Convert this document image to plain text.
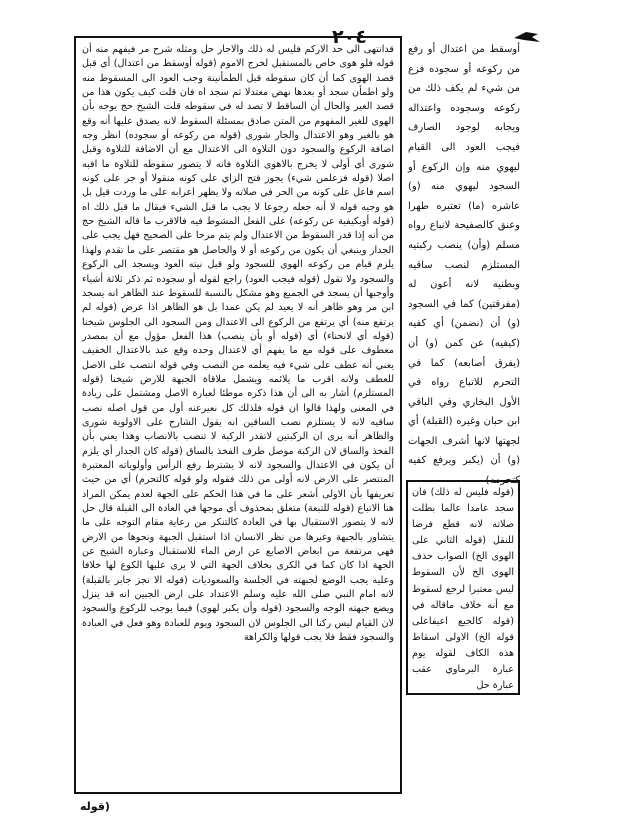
٢٠٤
قدانتهى الى حد الاركم فليس له ذلك والاجار حل ومثله شرح مر فيفهم منه أن قوله فلو هوى خاص بالمستقبل لخرج الاموم (قوله أوسقط من اعتدال) أي قبل قصد الهوى كما أن كان سقوطه قبل الطمأنينة وجب العود الى المسقوط منه ولو اطمأن سجد أو بعدها نهض معتدلا ثم سجد اه فان قلت كيف يكون هذا من قصد الغير والحال أن الساقط لا تصد له في سقوطه قلت الشيخ حج يوجه بأن الهوى للغير المفهوم من المتن صادق بمسئلة السقوط لانه يصدق عليها أنه وقع هو بالغير وهو الاعتدال والجار شورى (قوله من ركوعه أو سجوده) انظر وجه اضافة الركوع والسجود دون التلاوة الى الاعتدال مع أن الاضافة للتلاوة وقبل شورى أي أولى لا يخرج بالاهوى التلاوة فانه لا يتصور سقوطه للتلاوة ما اقبه اصلا (قوله فزعلمن شيء) يجوز فتح الزاي على كونه منقولا أو جر على كونه اسم فاعل على كونه من الحر في صلاته ولا يظهر اعرابه على ما وردت قيل بل هو وجيه قوله لا أنه جعله رجوعا لا يجب ما قبل الشيء فيقال ما قبل ذلك اه (قوله أوبكيفية عن ركوعه) على الفعل المشوط فيه فالاقرب ما قاله الشيخ حج من أنه إذا قدر السقوط من الاعتدال ولم يتم مرحا على الصحيح فهل يجب على الجدار وينبغي أن يكون من ركوعه أو لا والحاصل هو مقتصر على ما تقدم ولهذا يلزم قيام من ركوعه الهوى للسجود ولو قبل نيته العود ويسجد الى الركوع والسجود ولا تقول (قوله فيجب العود) راجع لقوله أو سجوده ثم ذكر ثلاثة أشياء وأوجبها أن يسجد في الجميع وهو مشكل بالنسبة للسقوط عند الظاهر انه يسجد ابن مر وهو ظاهر أنه لا يعيد لم يكن عمدا بل هو الظاهر اذا عرض (قوله لم يرتفع منه) أي يرتفع من الركوع الى الاعتدال ومن السجود الى الجلوس شيخنا (قوله أي لانحناء) أي (قوله أو بأن ينصب) هذا الفعل مؤول مع أن بمصدر معطوف على قوله مع ما يفهم أي لاعتدال وحده وقع عبد بالاعتدال الخفيف يعني أنه عطف على شيء فيه يعلمه من النصب وفي قوله انتصب على الاصل للعطف ولانه اقرب ما يلائمه ويشمل ملاقاة الجبهة للارض شيخنا (قوله المستلزم) أشار به الى أن هذا ذكره موطئا لعبارة الاصل ومشتمل على زيادة في المعنى ولهذا قالوا ان قوله فلذلك كل نعيرعنه أول من قول اصله نصب ساقيه لانه لا يستلزم نصب الساقين انه يقول الشارح على الاولوية شورى والظاهر أنه يرى ان الركبتين لاتقدر الركبة لا تنصب بالانصاب وهذا يعني بأن الفخذ والساق لان الركبة موصل طرف الفخذ بالساق (قوله كان الجدار أي يلزم أن يكون في الاعتدال والسجود لانه لا يشترط رفع الرأس وأولوياته المعتبرة المنتصر على الارض لانه أولى من ذلك فقوله ولو قوله كالتحرم) أي من حيث تعريفها بأن الاولى أشعر على ما في هذا الحكم على الجهة لعدم يمكن المراد هنا الاتباع (قوله للتبعة) متعلق بمحذوف أي موجها في العادة الى القبلة قال حل لانه لا يتصور الاستقبال بها في العادة كالتنكر من رعاية مقام التوجه على ما يتشاور بالجبهة وغيرها من نظر الانسان اذا استقبل الجبهة ونحوها من الارض فهي مرتفعة من ابعاض الاصابع عن ارض الماء للاستقبال وعبارة الشيخ عن الجهة اذا كان كما في الكرى بخلاف الجهة التي لا يرى عليها الكوع لها خلافا وعليه يجب الوضع لجبهته في الجلسة والسعوديات (قوله الا نجز جابر بالقبلة) لانه امام النبي صلى الله عليه وسلم الاعتداد على ارض الجبين انه قد ينزل ويضع جبهته الوجه والسجود (قوله وأن يكبر لهوى) فيما يوجب للركوع والسجود لان القيام ليس ركنا الى الجلوس لان السجود ويوم للعبادة وهو فعل في العبادة والسجود فقط فلا يجب قولها والكراهة
أوسقط من اعتدال أو رفع من ركوعه أو سجوده فزع من شيء لم يكف ذلك من ركوعه وسجوده واعتداله ويجابه لوجود الصارف فيجب العود الى القيام ليهوي منه وإن الركوع أو السجود ليهوي منه (و) عاشره (ما) تعتبره طهرا وعنق كالصفيحة لانباع رواه مسلم (وأن) ينصب ركبتيه المستلزم لنصب ساقيه وبطنيه لانه أعون له (مفرقتين) كما في السجود (و) أن (نضمن) أي كفيه (كيفيه) عن كمن (و) أن (يفرق أصابعه) كما في التحرم للاتباع رواه في الأول البخاري وفي الباقي ابن حبان وغيره (القبلة) أي لجهتها لانها أشرف الجهات (و) أن (يكبر ويرفع كفيه كتحرمه)
(قوله فليس له ذلك) فان سجد عامدا عالما بطلت صلاته لانه قطع فرضا للنقل (قوله الثاني على الهوى الخ) الصواب حذف الهوى الخ لأن السقوط ليس معتبرا لرجع لسقوط مع أنه خلاف ماقاله في (قوله كالجيع اعيفاعلى قوله الخ) الاولى اسقاط هذه الكاف لقوله يوم عبارة البرماوي عقب عبارة حل
(قوله
